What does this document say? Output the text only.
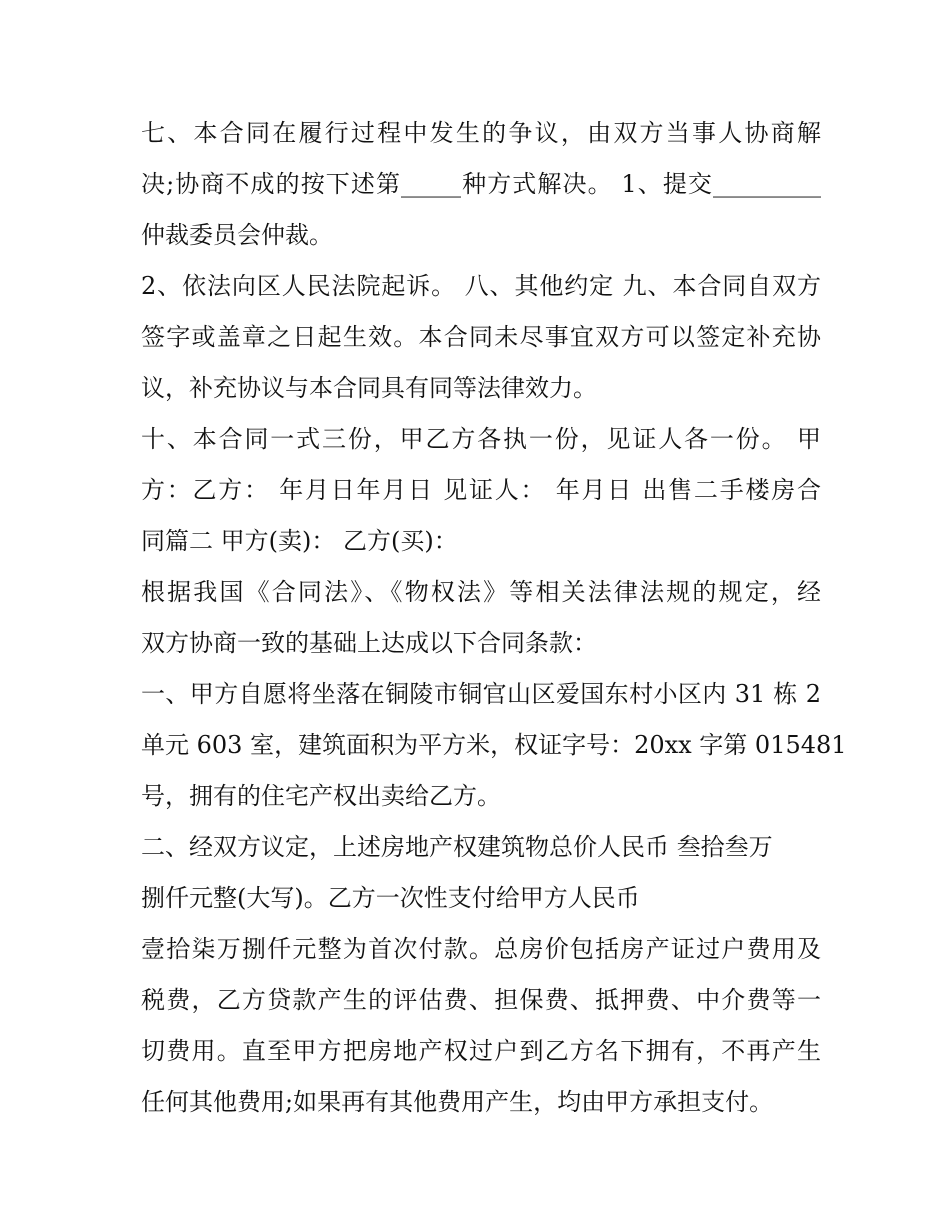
七、本合同在履行过程中发生的争议，由双方当事人协商解
决;协商不成的按下述第_____种方式解决。 1、提交_________
仲裁委员会仲裁。
2、依法向区人民法院起诉。 八、其他约定 九、本合同自双方
签字或盖章之日起生效。本合同未尽事宜双方可以签定补充协
议，补充协议与本合同具有同等法律效力。
十、本合同一式三份，甲乙方各执一份，见证人各一份。 甲
方：乙方： 年月日年月日 见证人： 年月日 出售二手楼房合
同篇二 甲方(卖)： 乙方(买)：
根据我国《合同法》、《物权法》等相关法律法规的规定，经
双方协商一致的基础上达成以下合同条款：
一、甲方自愿将坐落在铜陵市铜官山区爱国东村小区内 31 栋 2
单元 603 室，建筑面积为平方米，权证字号：20xx 字第 015481
号，拥有的住宅产权出卖给乙方。
二、经双方议定，上述房地产权建筑物总价人民币 叁拾叁万
捌仟元整(大写)。乙方一次性支付给甲方人民币
壹拾柒万捌仟元整为首次付款。总房价包括房产证过户费用及
税费，乙方贷款产生的评估费、担保费、抵押费、中介费等一
切费用。直至甲方把房地产权过户到乙方名下拥有，不再产生
任何其他费用;如果再有其他费用产生，均由甲方承担支付。
